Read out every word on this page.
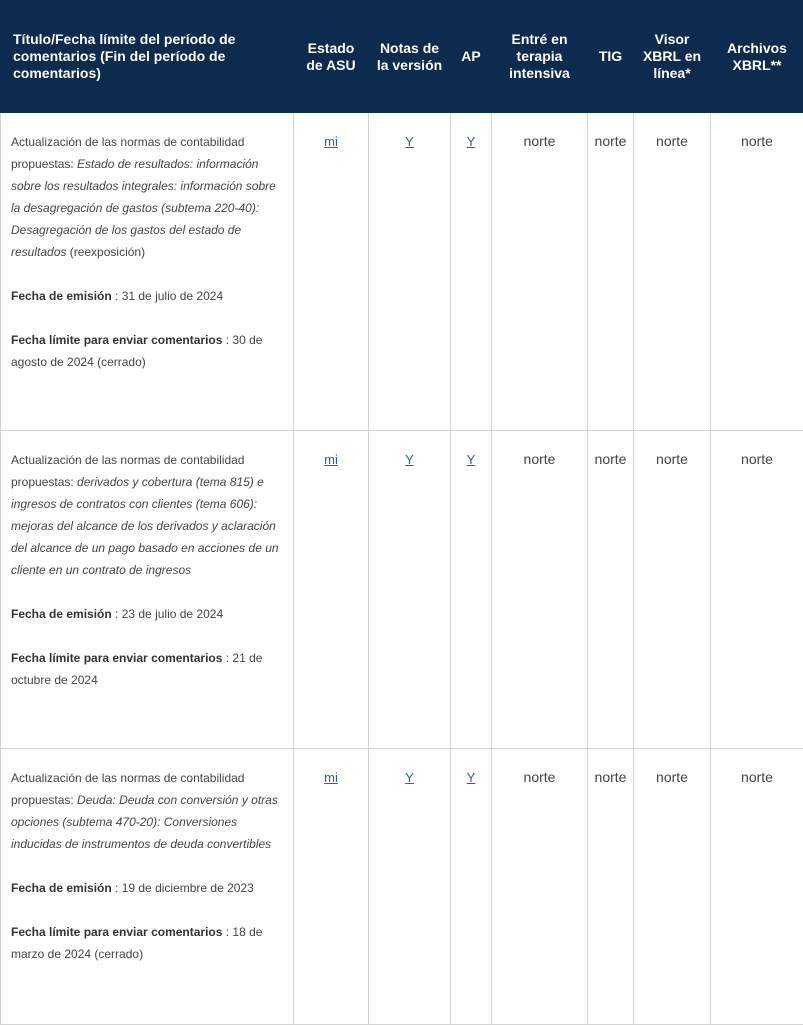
Título/Fecha límite del período de comentarios (Fin del período de comentarios)	Estado de ASU	Notas de la versión	AP	Entré en terapia intensiva	TIG	Visor XBRL en línea*	Archivos XBRL**

Actualización de las normas de contabilidad propuestas: Estado de resultados: información sobre los resultados integrales: información sobre la desagregación de gastos (subtema 220-40): Desagregación de los gastos del estado de resultados (reexposición)

Fecha de emisión : 31 de julio de 2024

Fecha límite para enviar comentarios : 30 de agosto de 2024 (cerrado)	mi	Y	Y	norte	norte	norte	norte

Actualización de las normas de contabilidad propuestas: derivados y cobertura (tema 815) e ingresos de contratos con clientes (tema 606): mejoras del alcance de los derivados y aclaración del alcance de un pago basado en acciones de un cliente en un contrato de ingresos

Fecha de emisión : 23 de julio de 2024

Fecha límite para enviar comentarios : 21 de octubre de 2024	mi	Y	Y	norte	norte	norte	norte

Actualización de las normas de contabilidad propuestas: Deuda: Deuda con conversión y otras opciones (subtema 470-20): Conversiones inducidas de instrumentos de deuda convertibles

Fecha de emisión : 19 de diciembre de 2023

Fecha límite para enviar comentarios : 18 de marzo de 2024 (cerrado)	mi	Y	Y	norte	norte	norte	norte
